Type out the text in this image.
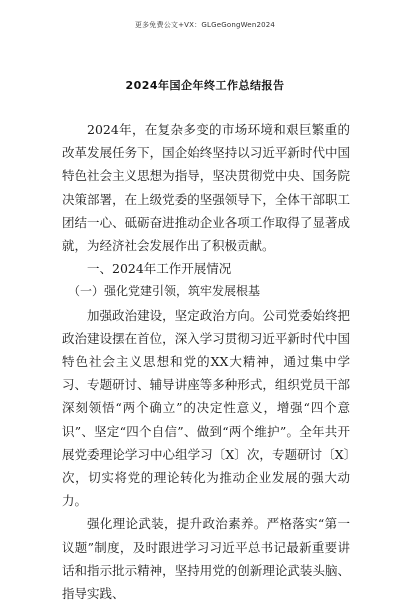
更多免费公文+VX：GLGeGongWen2024
2024年国企年终工作总结报告

2024年，在复杂多变的市场环境和艰巨繁重的改革发展任务下，国企始终坚持以习近平新时代中国特色社会主义思想为指导，坚决贯彻党中央、国务院决策部署，在上级党委的坚强领导下，全体干部职工团结一心、砥砺奋进推动企业各项工作取得了显著成就，为经济社会发展作出了积极贡献。

一、2024年工作开展情况

（一）强化党建引领，筑牢发展根基

加强政治建设，坚定政治方向。公司党委始终把政治建设摆在首位，深入学习贯彻习近平新时代中国特色社会主义思想和党的XX大精神，通过集中学习、专题研讨、辅导讲座等多种形式，组织党员干部深刻领悟“两个确立”的决定性意义，增强“四个意识”、坚定“四个自信”、做到“两个维护”。全年共开展党委理论学习中心组学习〔X〕次，专题研讨〔X〕次，切实将党的理论转化为推动企业发展的强大动力。

强化理论武装，提升政治素养。严格落实“第一议题”制度，及时跟进学习习近平总书记最新重要讲话和指示批示精神，坚持用党的创新理论武装头脑、指导实践、
